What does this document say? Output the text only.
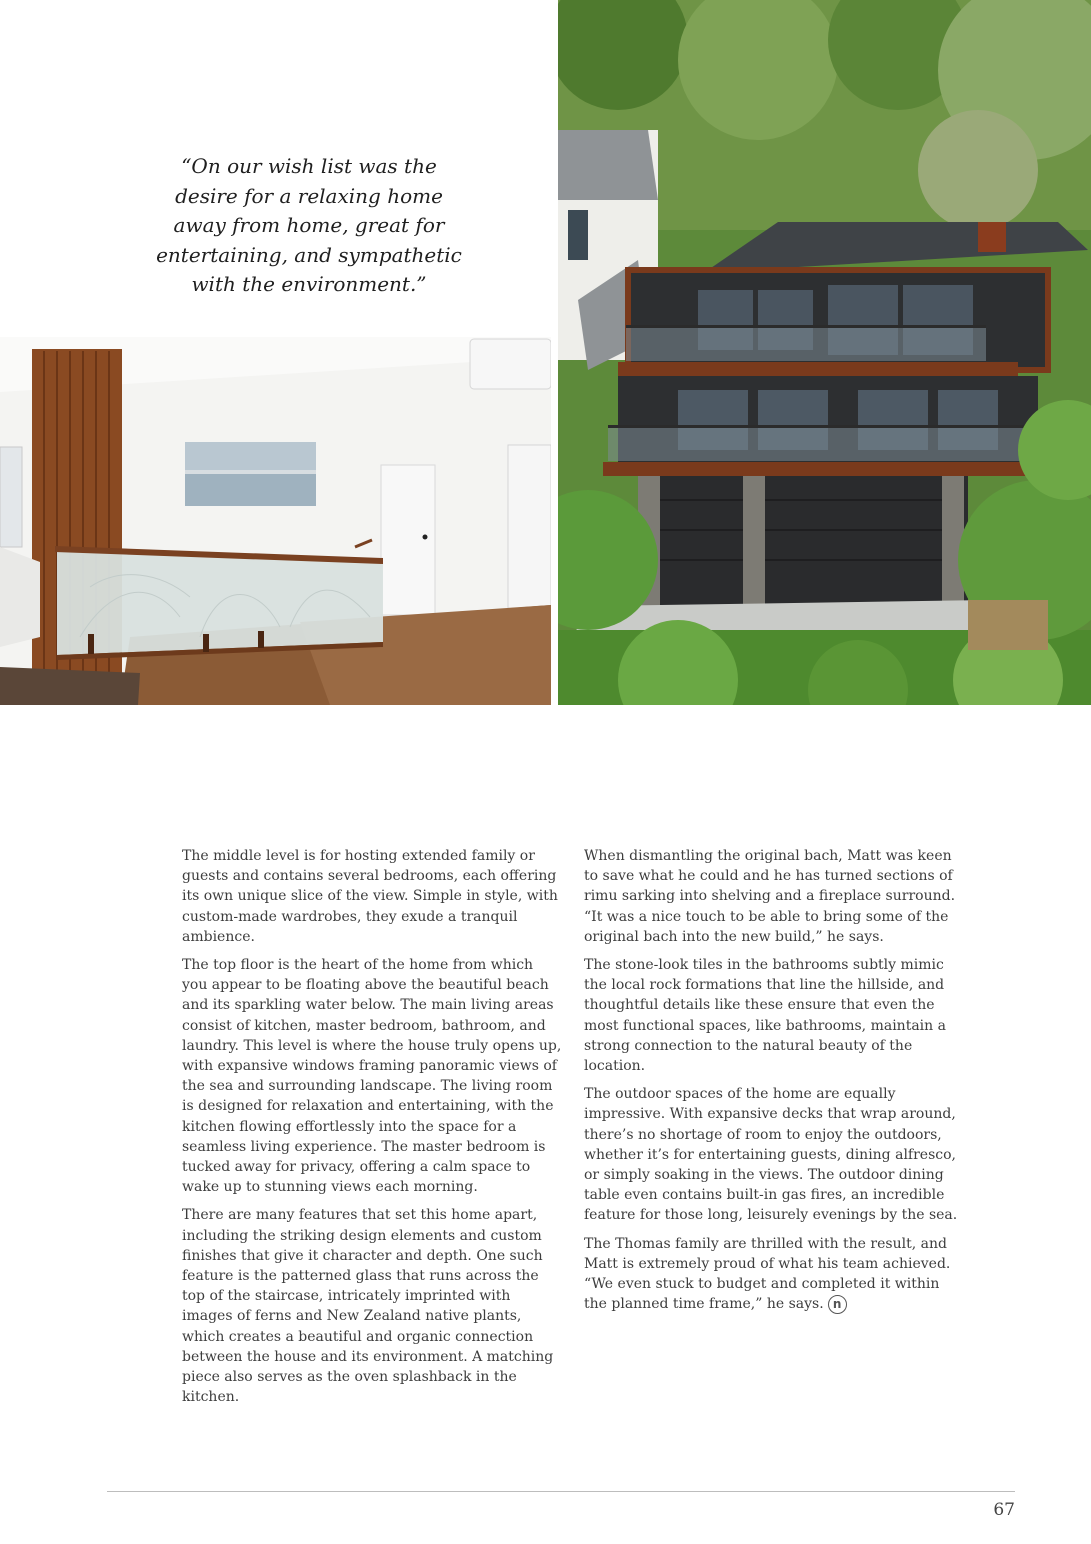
“On our wish list was the desire for a relaxing home away from home, great for entertaining, and sympathetic with the environment.”

The middle level is for hosting extended family or guests and contains several bedrooms, each offering its own unique slice of the view. Simple in style, with custom-made wardrobes, they exude a tranquil ambience.

The top floor is the heart of the home from which you appear to be floating above the beautiful beach and its sparkling water below. The main living areas consist of kitchen, master bedroom, bathroom, and laundry. This level is where the house truly opens up, with expansive windows framing panoramic views of the sea and surrounding landscape. The living room is designed for relaxation and entertaining, with the kitchen flowing effortlessly into the space for a seamless living experience. The master bedroom is tucked away for privacy, offering a calm space to wake up to stunning views each morning.

There are many features that set this home apart, including the striking design elements and custom finishes that give it character and depth. One such feature is the patterned glass that runs across the top of the staircase, intricately imprinted with images of ferns and New Zealand native plants, which creates a beautiful and organic connection between the house and its environment. A matching piece also serves as the oven splashback in the kitchen.

When dismantling the original bach, Matt was keen to save what he could and he has turned sections of rimu sarking into shelving and a fireplace surround. “It was a nice touch to be able to bring some of the original bach into the new build,” he says.

The stone-look tiles in the bathrooms subtly mimic the local rock formations that line the hillside, and thoughtful details like these ensure that even the most functional spaces, like bathrooms, maintain a strong connection to the natural beauty of the location.

The outdoor spaces of the home are equally impressive. With expansive decks that wrap around, there’s no shortage of room to enjoy the outdoors, whether it’s for entertaining guests, dining alfresco, or simply soaking in the views. The outdoor dining table even contains built-in gas fires, an incredible feature for those long, leisurely evenings by the sea.

The Thomas family are thrilled with the result, and Matt is extremely proud of what his team achieved. “We even stuck to budget and completed it within the planned time frame,” he says. n

67
